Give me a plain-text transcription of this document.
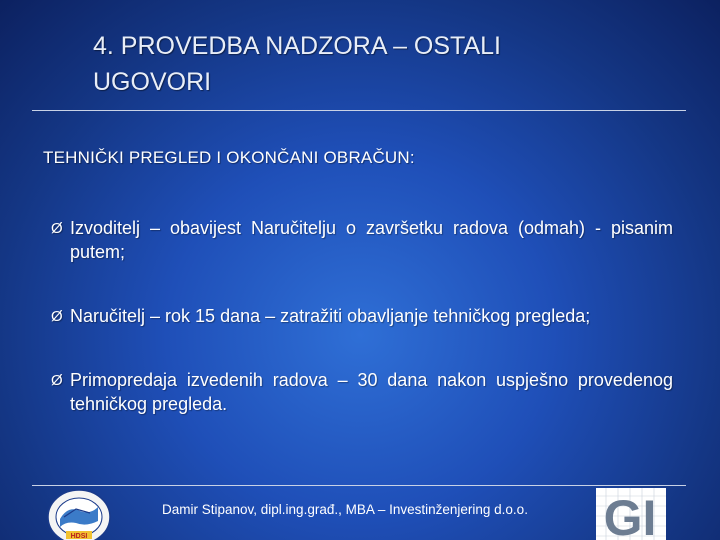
4. PROVEDBA NADZORA – OSTALI
UGOVORI
TEHNIČKI PREGLED I OKONČANI OBRAČUN:
Ø Izvoditelj – obavijest Naručitelju o završetku radova (odmah) - pisanim putem;
Ø Naručitelj – rok 15 dana – zatražiti obavljanje tehničkog pregleda;
Ø Primopredaja izvedenih radova – 30 dana nakon uspješno provedenog tehničkog pregleda.
HDSI
Damir Stipanov, dipl.ing.građ., MBA – Investinženjering d.o.o. GI
